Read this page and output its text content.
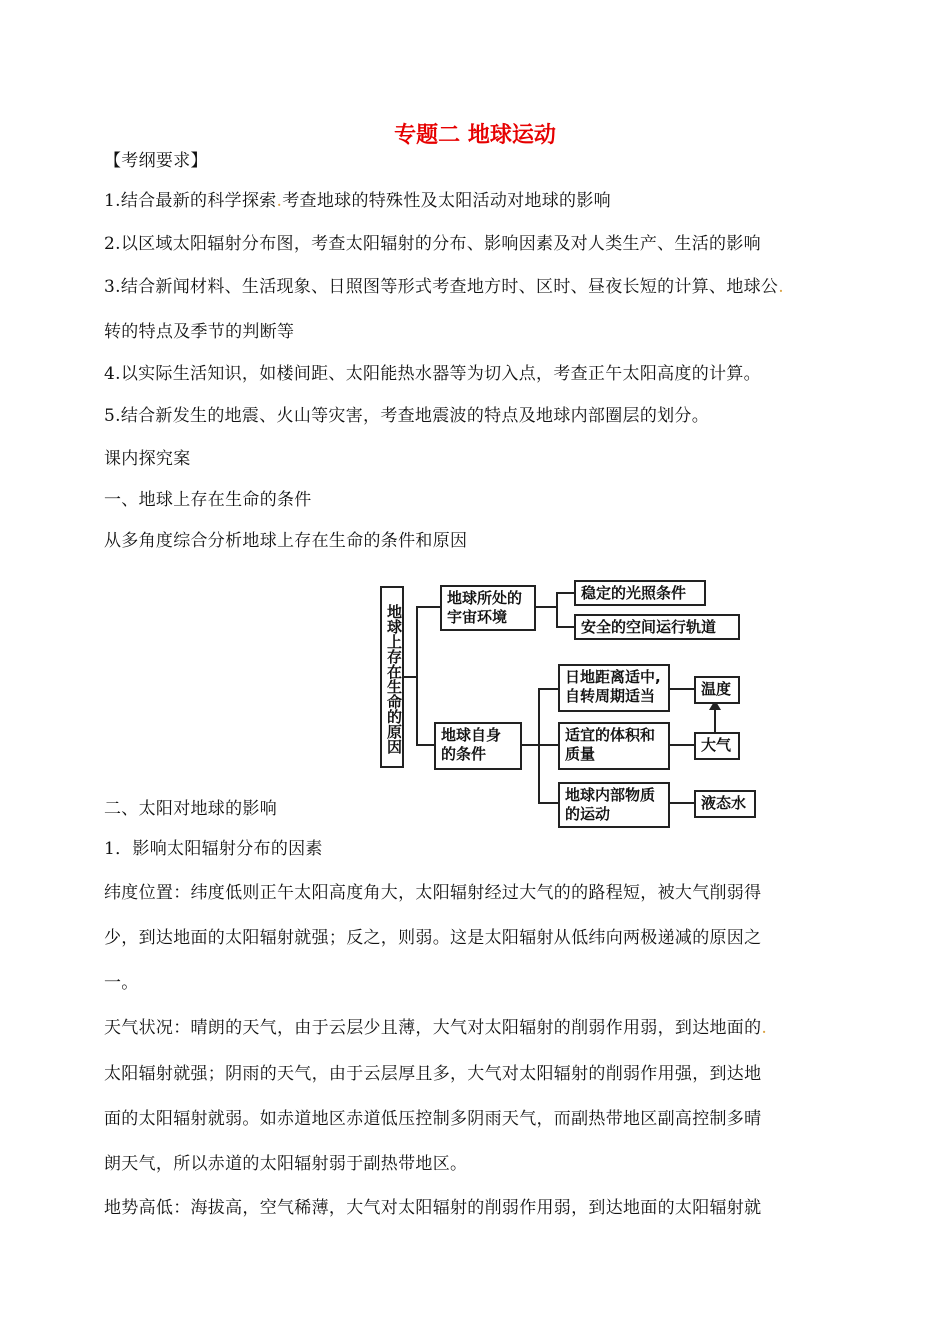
专题二 地球运动
【考纲要求】
1.结合最新的科学探索.考查地球的特殊性及太阳活动对地球的影响
2.以区域太阳辐射分布图，考查太阳辐射的分布、影响因素及对人类生产、生活的影响
3.结合新闻材料、生活现象、日照图等形式考查地方时、区时、昼夜长短的计算、地球公.
转的特点及季节的判断等
4.以实际生活知识，如楼间距、太阳能热水器等为切入点，考查正午太阳高度的计算。
5.结合新发生的地震、火山等灾害，考查地震波的特点及地球内部圈层的划分。
课内探究案
一、地球上存在生命的条件
从多角度综合分析地球上存在生命的条件和原因
地球上存在生命的原因
地球所处的宇宙环境
稳定的光照条件
安全的空间运行轨道
地球自身的条件
日地距离适中,自转周期适当
适宜的体积和质量
地球内部物质的运动
温度
大气
液态水
二、太阳对地球的影响
1．影响太阳辐射分布的因素
纬度位置：纬度低则正午太阳高度角大，太阳辐射经过大气的的路程短，被大气削弱得
少，到达地面的太阳辐射就强；反之，则弱。这是太阳辐射从低纬向两极递减的原因之
一。
天气状况：晴朗的天气，由于云层少且薄，大气对太阳辐射的削弱作用弱，到达地面的.
太阳辐射就强；阴雨的天气，由于云层厚且多，大气对太阳辐射的削弱作用强，到达地
面的太阳辐射就弱。如赤道地区赤道低压控制多阴雨天气，而副热带地区副高控制多晴
朗天气，所以赤道的太阳辐射弱于副热带地区。
地势高低：海拔高，空气稀薄，大气对太阳辐射的削弱作用弱，到达地面的太阳辐射就
